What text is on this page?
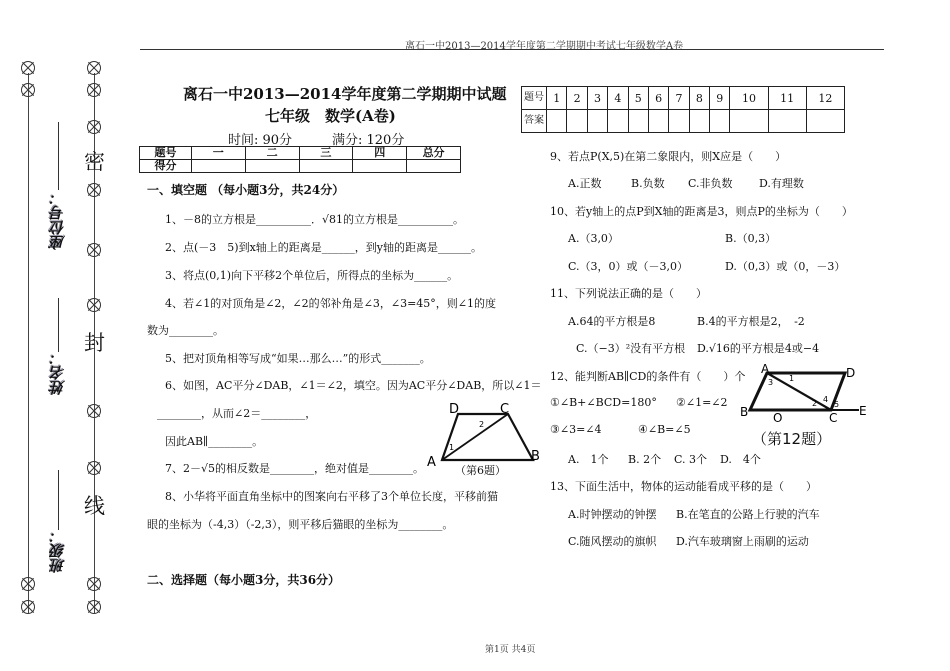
离石一中2013—2014学年度第二学期期中考试七年级数学A卷
密
封
线
座位号：
姓名：
班级：
离石一中2013—2014学年度第二学期期中试题
七年级　数学(A卷)
时间: 90分	满分: 120分
题号	一	二	三	四	总分
得分					
一、填空题 （每小题3分，共24分）
1、－8的立方根是__________．√81的立方根是__________。
2、点(－3　5)到x轴上的距离是______，到y轴的距离是______。
3、将点(0,1)向下平移2个单位后，所得点的坐标为______。
4、若∠1的对顶角是∠2，∠2的邻补角是∠3，∠3=45°，则∠1的度
数为________。
5、把对顶角相等写成“如果…那么…”的形式_______。
6、如图，AC平分∠DAB，∠1＝∠2，填空。因为AC平分∠DAB，所以∠1＝
________，从而∠2＝________，
因此AB∥________。
7、2－√5的相反数是________，绝对值是________。
8、小华将平面直角坐标中的图案向右平移了3个单位长度，平移前猫
眼的坐标为（-4,3）（-2,3），则平移后猫眼的坐标为________。
二、选择题（每小题3分，共36分）
D	C
A	B
1
2
（第6题）
题号	1	2	3	4	5	6	7	8	9	10	11	12
答案												
9、若点P(X,5)在第二象限内，则X应是（　　）
A.正数	B.负数 C.非负数 D.有理数
10、若y轴上的点P到X轴的距离是3，则点P的坐标为（　　）
A.（3,0）	B.（0,3）
C.（3，0）或（－3,0）	D.（0,3）或（0，－3）
11、下列说法正确的是（　　）
A.64的平方根是8	B.4的平方根是2，　-2
C.（−3）²没有平方根 D.√16的平方根是4或−4
12、能判断AB∥CD的条件有（　　）个
①∠B+∠BCD=180° ②∠1=∠2
③∠3=∠4	④∠B=∠5
A.　1个 B. 2个 C. 3个 D.　4个
13、下面生活中，物体的运动能看成平移的是（　　）
A.时钟摆动的钟摆 B.在笔直的公路上行驶的汽车
C.随风摆动的旗帜 D.汽车玻璃窗上雨刷的运动
A	D
B O	C E
1
3
2 4
5
（第12题）
第1页 共4页
